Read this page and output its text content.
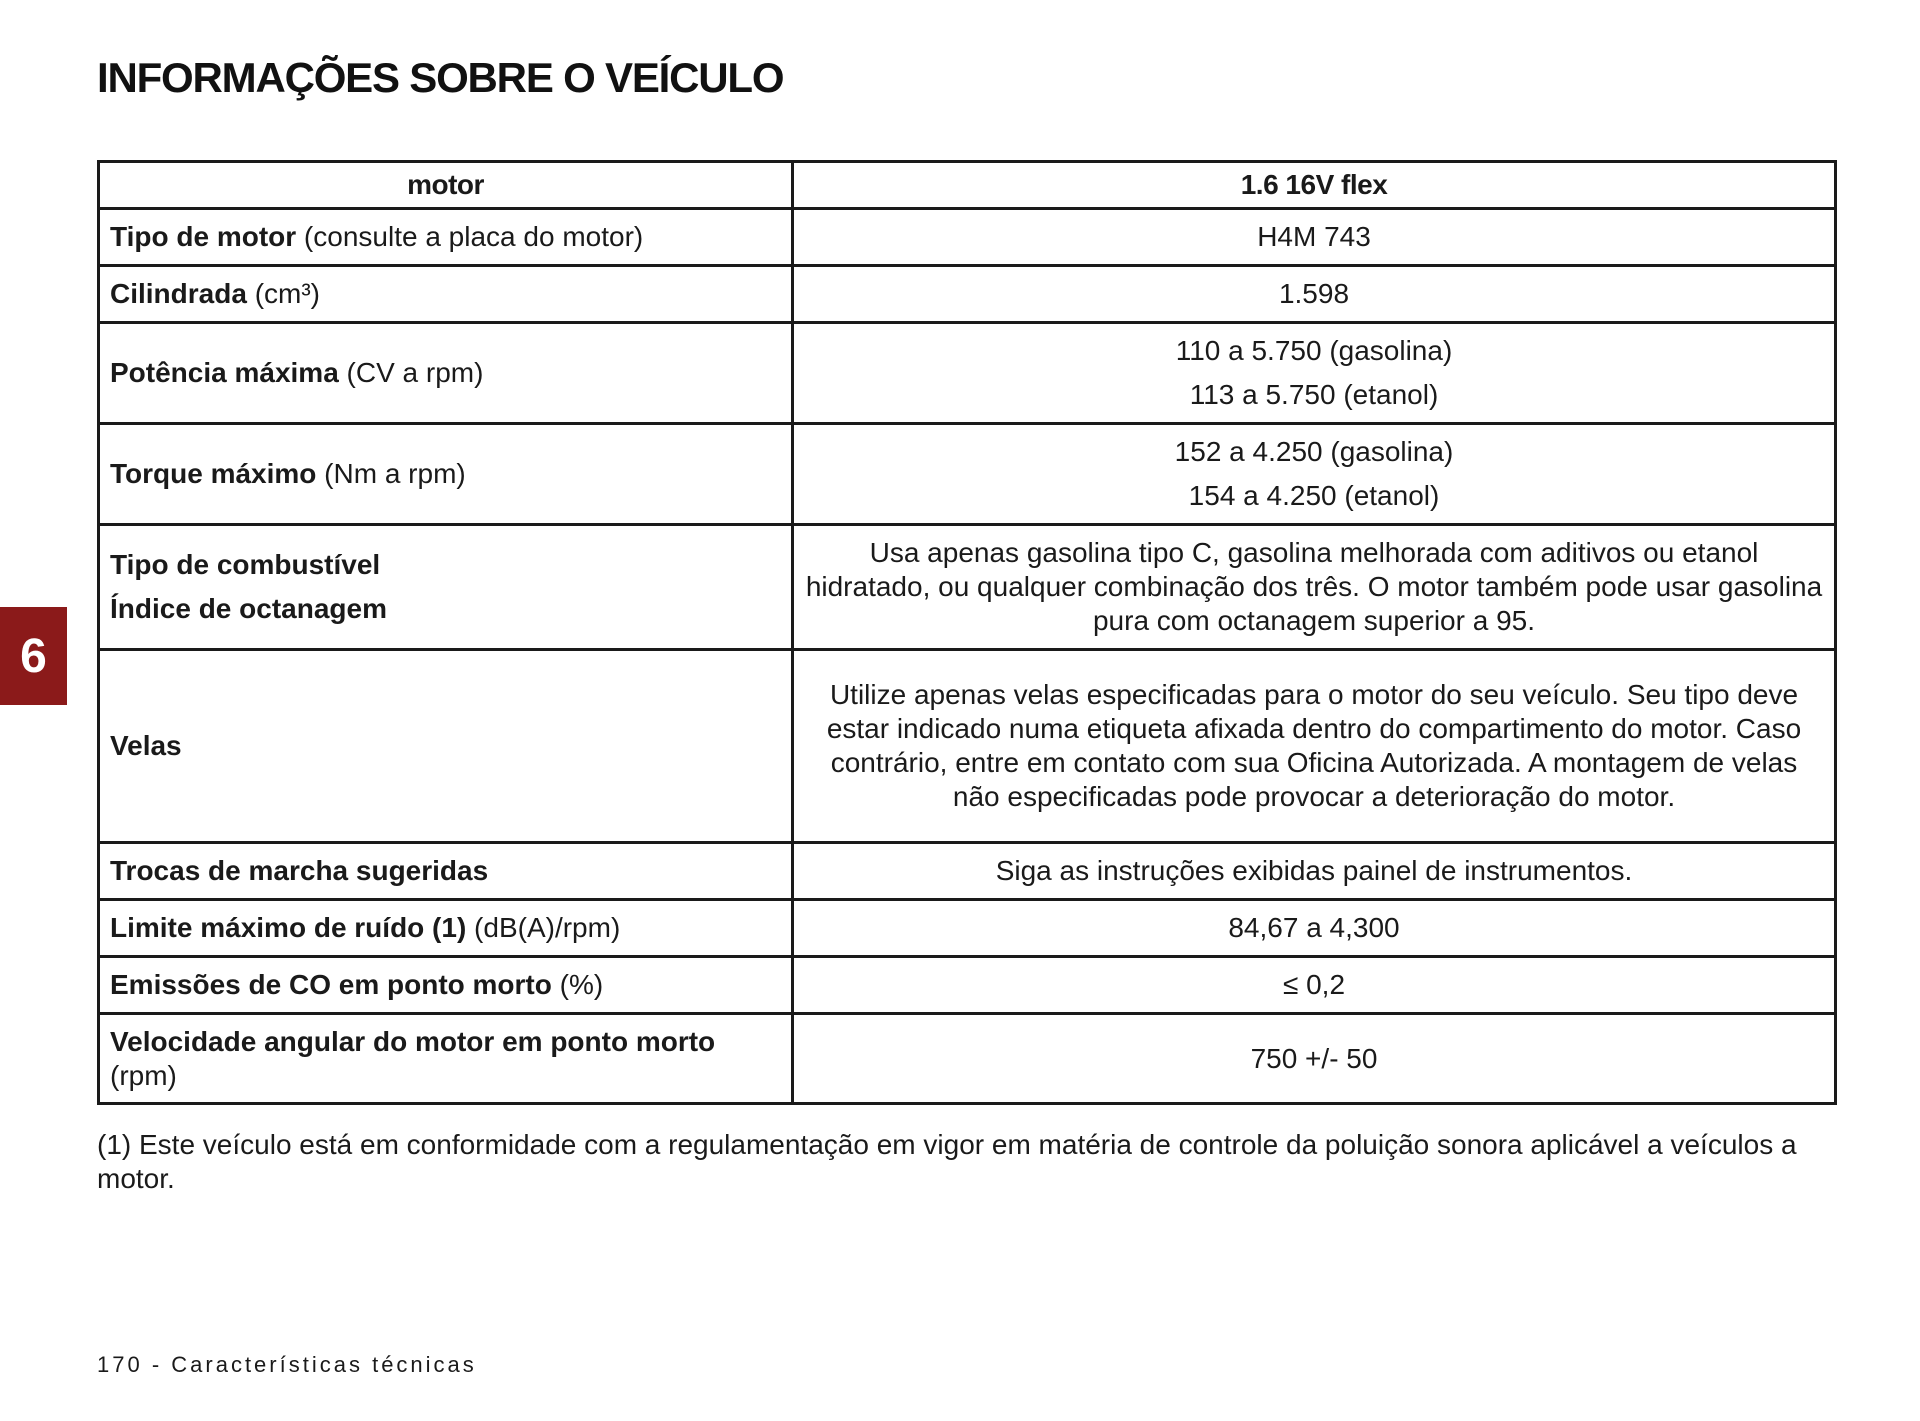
INFORMAÇÕES SOBRE O VEÍCULO
6
motor	1.6 16V flex
Tipo de motor (consulte a placa do motor)	H4M 743
Cilindrada (cm³)	1.598
Potência máxima (CV a rpm)	110 a 5.750 (gasolina)
113 a 5.750 (etanol)

Torque máximo (Nm a rpm)	152 a 4.250 (gasolina)
154 a 4.250 (etanol)

Tipo de combustível
Índice de octanagem	Usa apenas gasolina tipo C, gasolina melhorada com aditivos ou etanol hidratado, ou qualquer combinação dos três. O motor também pode usar gasolina pura com octanagem superior a 95.
Velas	Utilize apenas velas especificadas para o motor do seu veículo. Seu tipo deve estar indicado numa etiqueta afixada dentro do compartimento do motor. Caso contrário, entre em contato com sua Oficina Autorizada. A montagem de velas não especificadas pode provocar a deterioração do motor.
Trocas de marcha sugeridas	Siga as instruções exibidas painel de instrumentos.
Limite máximo de ruído (1) (dB(A)/rpm)	84,67 a 4,300
Emissões de CO em ponto morto (%)	≤ 0,2
Velocidade angular do motor em ponto morto (rpm)	750 +/- 50

(1) Este veículo está em conformidade com a regulamentação em vigor em matéria de controle da poluição sonora aplicável a veículos a motor.

170 - Características técnicas
